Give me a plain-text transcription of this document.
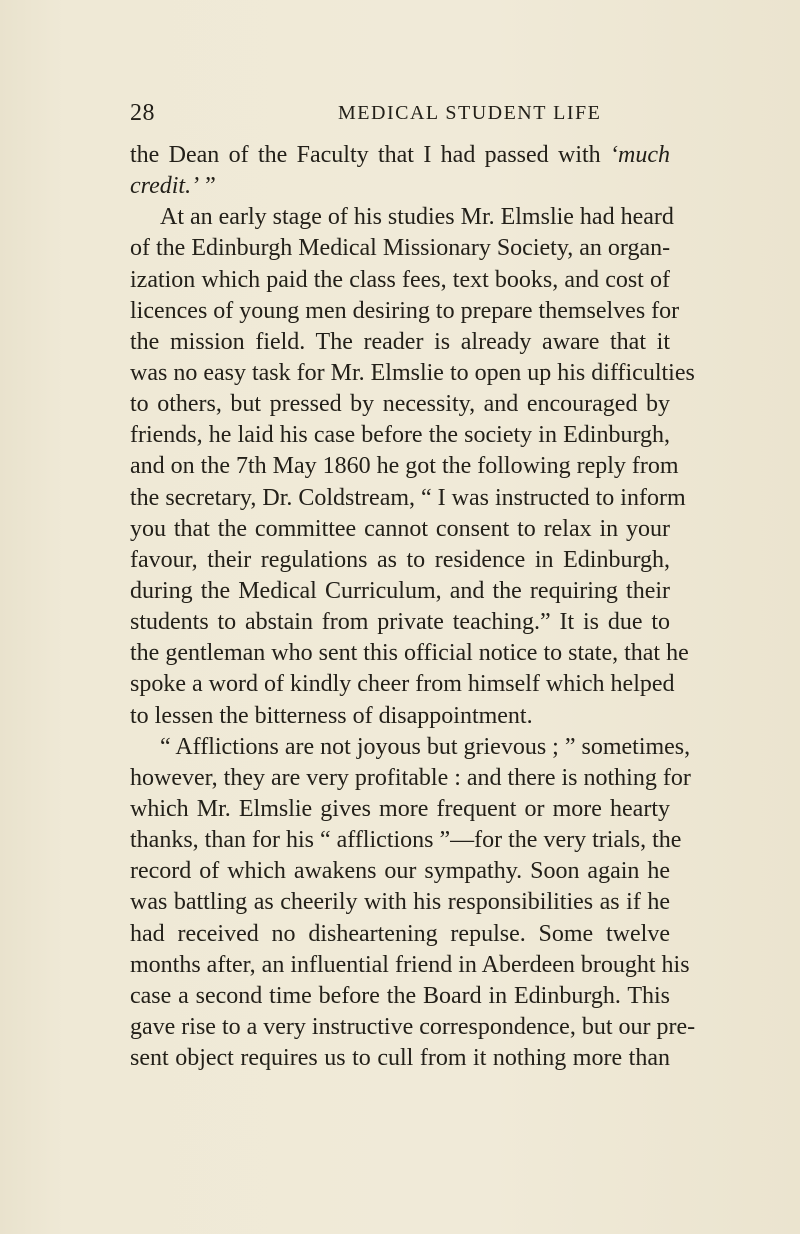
28	MEDICAL STUDENT LIFE
the Dean of the Faculty that I had passed with ‘much
credit.’ ”
At an early stage of his studies Mr. Elmslie had heard
of the Edinburgh Medical Missionary Society, an organ-
ization which paid the class fees, text books, and cost of
licences of young men desiring to prepare themselves for
the mission field. The reader is already aware that it
was no easy task for Mr. Elmslie to open up his difficulties
to others, but pressed by necessity, and encouraged by
friends, he laid his case before the society in Edinburgh,
and on the 7th May 1860 he got the following reply from
the secretary, Dr. Coldstream, “ I was instructed to inform
you that the committee cannot consent to relax in your
favour, their regulations as to residence in Edinburgh,
during the Medical Curriculum, and the requiring their
students to abstain from private teaching.” It is due to
the gentleman who sent this official notice to state, that he
spoke a word of kindly cheer from himself which helped
to lessen the bitterness of disappointment.
“ Afflictions are not joyous but grievous ; ” sometimes,
however, they are very profitable : and there is nothing for
which Mr. Elmslie gives more frequent or more hearty
thanks, than for his “ afflictions ”—for the very trials, the
record of which awakens our sympathy. Soon again he
was battling as cheerily with his responsibilities as if he
had received no disheartening repulse. Some twelve
months after, an influential friend in Aberdeen brought his
case a second time before the Board in Edinburgh. This
gave rise to a very instructive correspondence, but our pre-
sent object requires us to cull from it nothing more than
